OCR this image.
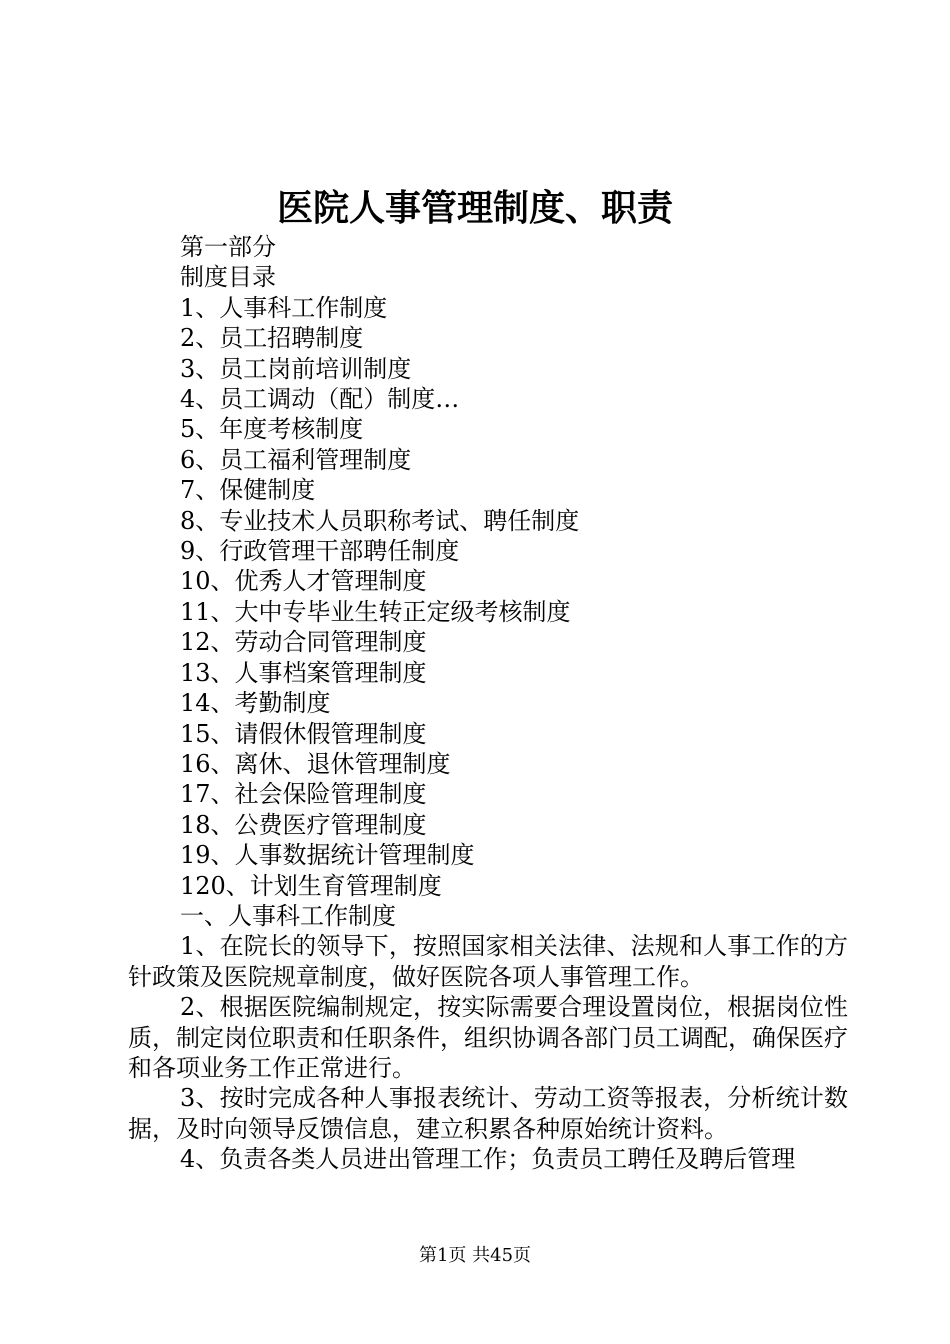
医院人事管理制度、职责

第一部分

制度目录

1、人事科工作制度

2、员工招聘制度

3、员工岗前培训制度

4、员工调动（配）制度…

5、年度考核制度

6、员工福利管理制度

7、保健制度

8、专业技术人员职称考试、聘任制度

9、行政管理干部聘任制度

10、优秀人才管理制度

11、大中专毕业生转正定级考核制度

12、劳动合同管理制度

13、人事档案管理制度

14、考勤制度

15、请假休假管理制度

16、离休、退休管理制度

17、社会保险管理制度

18、公费医疗管理制度

19、人事数据统计管理制度

120、计划生育管理制度

一、人事科工作制度

1、在院长的领导下，按照国家相关法律、法规和人事工作的方针政策及医院规章制度，做好医院各项人事管理工作。

2、根据医院编制规定，按实际需要合理设置岗位，根据岗位性质，制定岗位职责和任职条件，组织协调各部门员工调配，确保医疗和各项业务工作正常进行。

3、按时完成各种人事报表统计、劳动工资等报表，分析统计数据，及时向领导反馈信息，建立积累各种原始统计资料。

4、负责各类人员进出管理工作；负责员工聘任及聘后管理

第1页 共45页
